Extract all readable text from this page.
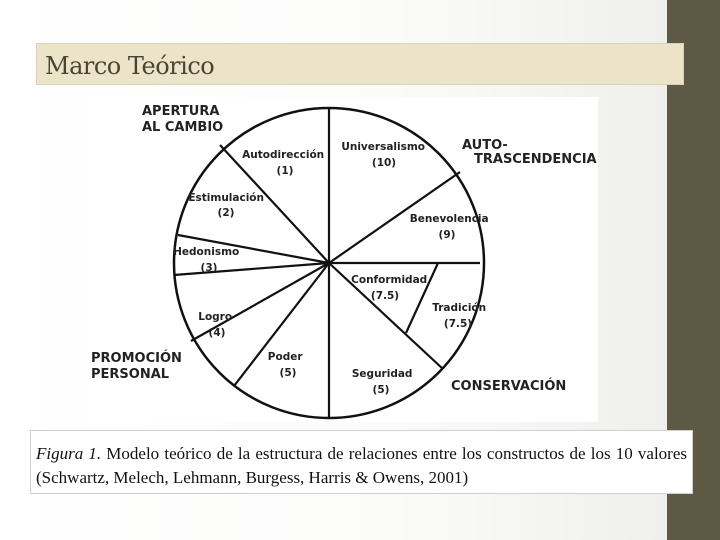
Marco Teórico
APERTURA AL CAMBIO
AUTO- TRASCENDENCIA
PROMOCIÓN PERSONAL
CONSERVACIÓN
Autodirección (1)
Universalismo (10)
Estimulación (2)	Benevolencia (9)
Hedonismo (3)
Conformidad (7.5)
Tradición (7.5)
Logro (4)
Poder (5)	Seguridad (5)
Figura 1. Modelo teórico de la estructura de relaciones entre los constructos de los 10 valores (Schwartz, Melech, Lehmann, Burgess, Harris & Owens, 2001)
